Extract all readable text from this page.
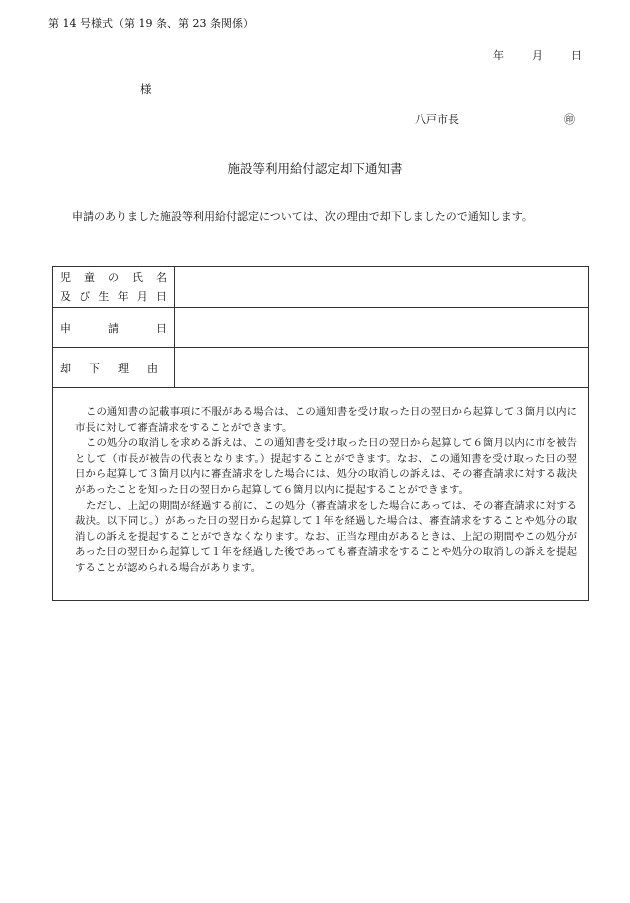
第 14 号様式（第 19 条、第 23 条関係）
年	月	日
様
八戸市長	㊞
施設等利用給付認定却下通知書
申請のありました施設等利用給付認定については、次の理由で却下しましたので通知します。
児 童 の 氏 名
及 び 生 年 月 日
申	請	日
却 下 理 由

この通知書の記載事項に不服がある場合は、この通知書を受け取った日の翌日から起算して３箇月以内に市長に対して審査請求をすることができます。

この処分の取消しを求める訴えは、この通知書を受け取った日の翌日から起算して６箇月以内に市を被告として（市長が被告の代表となります。）提起することができます。なお、この通知書を受け取った日の翌日から起算して３箇月以内に審査請求をした場合には、処分の取消しの訴えは、その審査請求に対する裁決があったことを知った日の翌日から起算して６箇月以内に提起することができます。

ただし、上記の期間が経過する前に、この処分（審査請求をした場合にあっては、その審査請求に対する裁決。以下同じ。）があった日の翌日から起算して１年を経過した場合は、審査請求をすることや処分の取消しの訴えを提起することができなくなります。なお、正当な理由があるときは、上記の期間やこの処分があった日の翌日から起算して１年を経過した後であっても審査請求をすることや処分の取消しの訴えを提起することが認められる場合があります。
